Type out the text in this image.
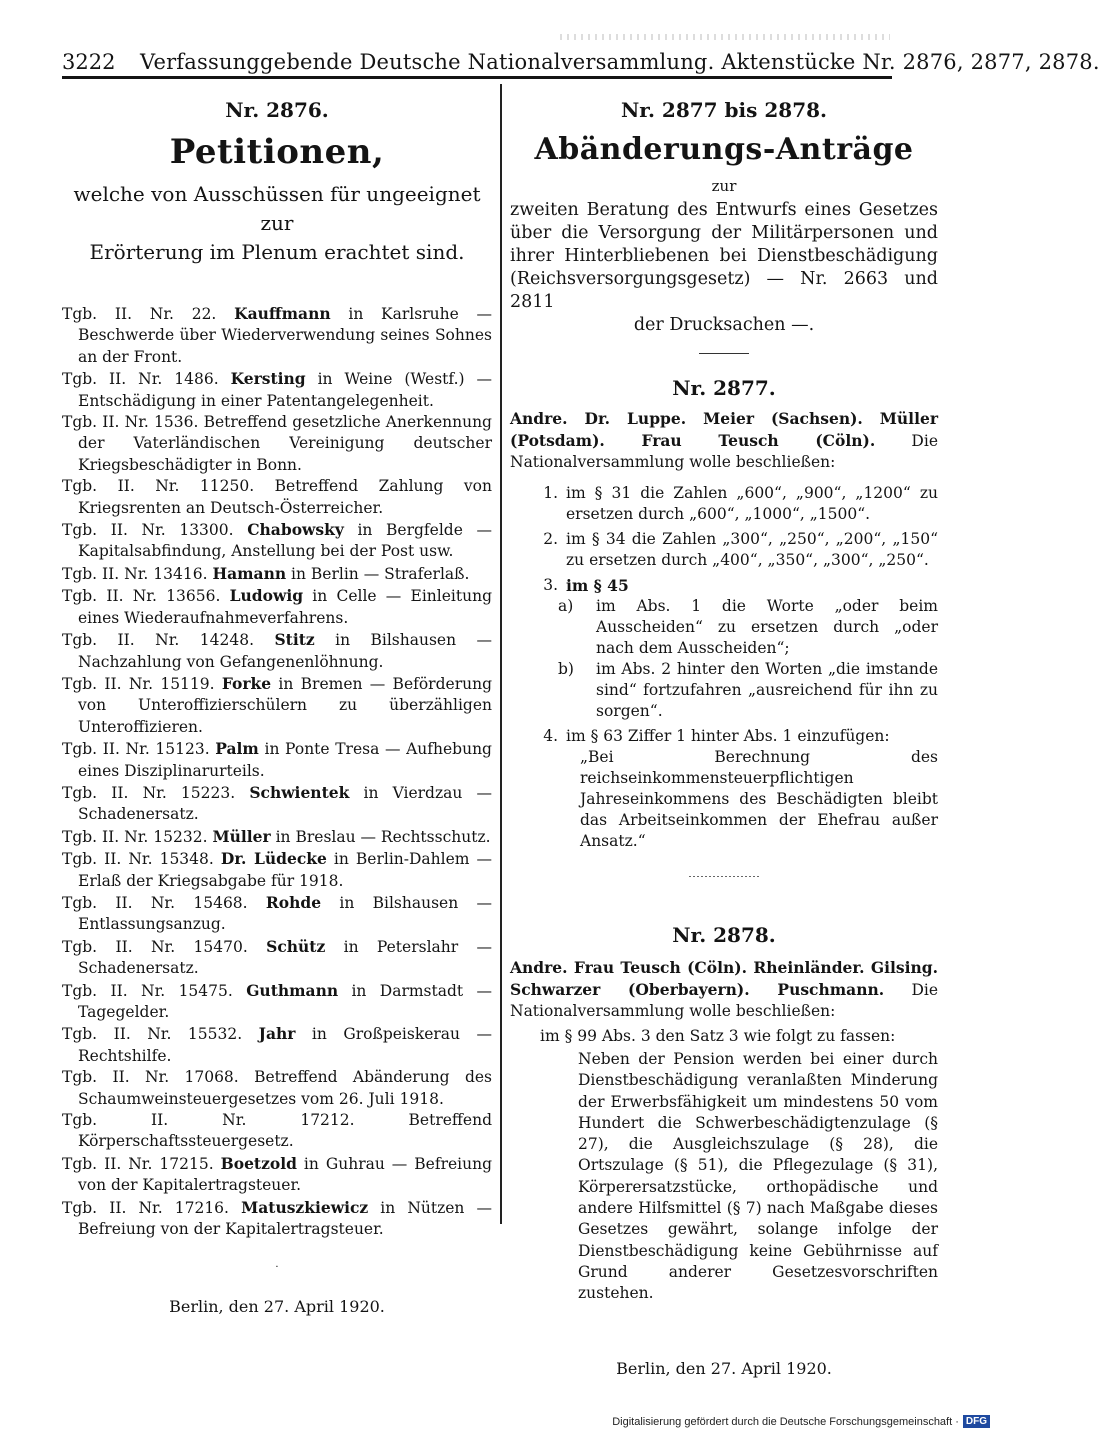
3222 Verfassunggebende Deutsche Nationalversammlung. Aktenstücke Nr. 2876, 2877, 2878.
Nr. 2876.
Petitionen,
welche von Ausschüssen für ungeeignet zur
Erörterung im Plenum erachtet sind.
Tgb. II. Nr. 22. Kauffmann in Karlsruhe — Beschwerde über Wiederverwendung seines Sohnes an der Front.
Tgb. II. Nr. 1486. Kersting in Weine (Westf.) — Entschädigung in einer Patentangelegenheit.
Tgb. II. Nr. 1536. Betreffend gesetzliche Anerkennung der Vaterländischen Vereinigung deutscher Kriegsbeschädigter in Bonn.
Tgb. II. Nr. 11250. Betreffend Zahlung von Kriegsrenten an Deutsch-Österreicher.
Tgb. II. Nr. 13300. Chabowsky in Bergfelde — Kapitalsabfindung, Anstellung bei der Post usw.
Tgb. II. Nr. 13416. Hamann in Berlin — Straferlaß.
Tgb. II. Nr. 13656. Ludowig in Celle — Einleitung eines Wiederaufnahmeverfahrens.
Tgb. II. Nr. 14248. Stitz in Bilshausen — Nachzahlung von Gefangenenlöhnung.
Tgb. II. Nr. 15119. Forke in Bremen — Beförderung von Unteroffizierschülern zu überzähligen Unteroffizieren.
Tgb. II. Nr. 15123. Palm in Ponte Tresa — Aufhebung eines Disziplinarurteils.
Tgb. II. Nr. 15223. Schwientek in Vierdzau — Schadenersatz.
Tgb. II. Nr. 15232. Müller in Breslau — Rechtsschutz.
Tgb. II. Nr. 15348. Dr. Lüdecke in Berlin-Dahlem — Erlaß der Kriegsabgabe für 1918.
Tgb. II. Nr. 15468. Rohde in Bilshausen — Entlassungsanzug.
Tgb. II. Nr. 15470. Schütz in Peterslahr — Schadenersatz.
Tgb. II. Nr. 15475. Guthmann in Darmstadt — Tagegelder.
Tgb. II. Nr. 15532. Jahr in Großpeiskerau — Rechtshilfe.
Tgb. II. Nr. 17068. Betreffend Abänderung des Schaumweinsteuergesetzes vom 26. Juli 1918.
Tgb. II. Nr. 17212.	Betreffend Körperschaftssteuergesetz.
Tgb. II. Nr. 17215. Boetzold in Guhrau — Befreiung von der Kapitalertragsteuer.
Tgb. II. Nr. 17216. Matuszkiewicz in Nützen — Befreiung von der Kapitalertragsteuer.
·
Berlin, den 27. April 1920.
Nr. 2877 bis 2878.
Abänderungs-Anträge
zur
zweiten Beratung des Entwurfs eines Gesetzes über die Versorgung der Militärpersonen und ihrer Hinterbliebenen bei Dienstbeschädigung (Reichsversorgungsgesetz) — Nr. 2663 und 2811
der Drucksachen —.
Nr. 2877.
Andre. Dr. Luppe. Meier (Sachsen). Müller (Potsdam). Frau Teusch (Cöln). Die Nationalversammlung wolle beschließen:
1. im § 31 die Zahlen „600“, „900“, „1200“ zu ersetzen durch „600“, „1000“, „1500“.
2. im § 34 die Zahlen „300“, „250“, „200“, „150“ zu ersetzen durch „400“, „350“, „300“, „250“.
3. im § 45
a)	im Abs. 1 die Worte „oder beim Ausscheiden“ zu ersetzen durch „oder nach dem Ausscheiden“;
b)	im Abs. 2 hinter den Worten „die imstande sind“ fortzufahren „ausreichend für ihn zu sorgen“.
4. im § 63 Ziffer 1 hinter Abs. 1 einzufügen:
„Bei Berechnung des reichseinkommensteuerpflichtigen Jahreseinkommens des Beschädigten bleibt das Arbeitseinkommen der Ehefrau außer Ansatz.“
Nr. 2878.
Andre. Frau Teusch (Cöln). Rheinländer. Gilsing. Schwarzer (Oberbayern). Puschmann. Die Nationalversammlung wolle beschließen:
im § 99 Abs. 3 den Satz 3 wie folgt zu fassen:
Neben der Pension werden bei einer durch Dienstbeschädigung veranlaßten Minderung der Erwerbsfähigkeit um mindestens 50 vom Hundert die Schwerbeschädigtenzulage (§ 27), die Ausgleichszulage (§ 28), die Ortszulage (§ 51), die Pflegezulage (§ 31), Körperersatzstücke, orthopädische und andere Hilfsmittel (§ 7) nach Maßgabe dieses Gesetzes gewährt, solange infolge der Dienstbeschädigung keine Gebührnisse auf Grund anderer Gesetzesvorschriften zustehen.
Berlin, den 27. April 1920.
Digitalisierung gefördert durch die Deutsche Forschungsgemeinschaft · DFG
